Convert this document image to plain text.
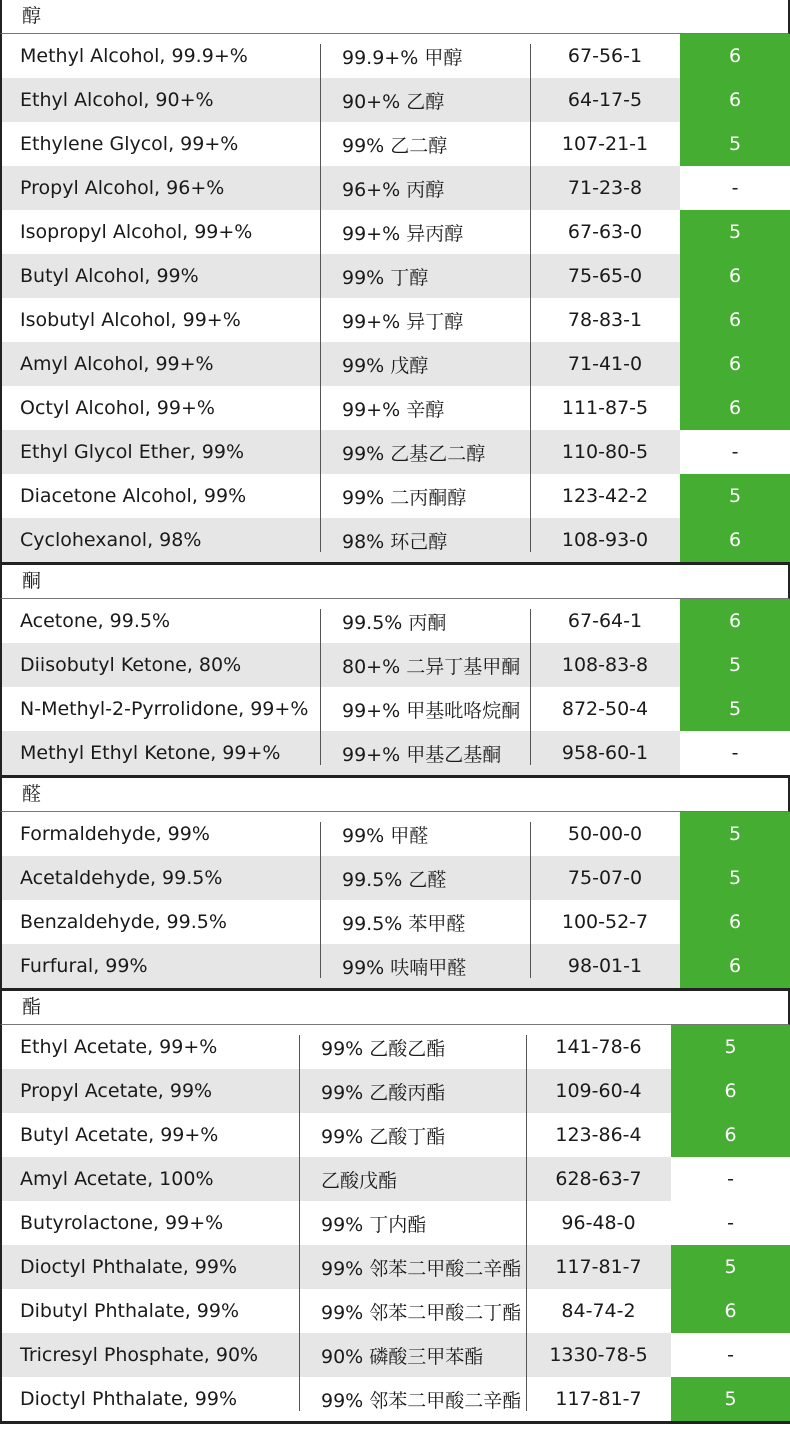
醇
Methyl Alcohol, 99.9+%	99.9+% 甲醇	67-56-1	6
Ethyl Alcohol, 90+%	90+% 乙醇	64-17-5	6
Ethylene Glycol, 99+%	99% 乙二醇	107-21-1	5
Propyl Alcohol, 96+%	96+% 丙醇	71-23-8	-
Isopropyl Alcohol, 99+%	99+% 异丙醇	67-63-0	5
Butyl Alcohol, 99%	99% 丁醇	75-65-0	6
Isobutyl Alcohol, 99+%	99+% 异丁醇	78-83-1	6
Amyl Alcohol, 99+%	99% 戊醇	71-41-0	6
Octyl Alcohol, 99+%	99+% 辛醇	111-87-5	6
Ethyl Glycol Ether, 99%	99% 乙基乙二醇	110-80-5	-
Diacetone Alcohol, 99%	99% 二丙酮醇	123-42-2	5
Cyclohexanol, 98%	98% 环己醇	108-93-0	6
酮
Acetone, 99.5%	99.5% 丙酮	67-64-1	6
Diisobutyl Ketone, 80%	80+% 二异丁基甲酮	108-83-8	5
N-Methyl-2-Pyrrolidone, 99+%	99+% 甲基吡咯烷酮	872-50-4	5
Methyl Ethyl Ketone, 99+%	99+% 甲基乙基酮	958-60-1	-
醛
Formaldehyde, 99%	99% 甲醛	50-00-0	5
Acetaldehyde, 99.5%	99.5% 乙醛	75-07-0	5
Benzaldehyde, 99.5%	99.5% 苯甲醛	100-52-7	6
Furfural, 99%	99% 呋喃甲醛	98-01-1	6
酯
Ethyl Acetate, 99+%	99% 乙酸乙酯	141-78-6	5
Propyl Acetate, 99%	99% 乙酸丙酯	109-60-4	6
Butyl Acetate, 99+%	99% 乙酸丁酯	123-86-4	6
Amyl Acetate, 100%	乙酸戊酯	628-63-7	-
Butyrolactone, 99+%	99% 丁内酯	96-48-0	-
Dioctyl Phthalate, 99%	99% 邻苯二甲酸二辛酯	117-81-7	5
Dibutyl Phthalate, 99%	99% 邻苯二甲酸二丁酯	84-74-2	6
Tricresyl Phosphate, 90%	90% 磷酸三甲苯酯	1330-78-5	-
Dioctyl Phthalate, 99%	99% 邻苯二甲酸二辛酯	117-81-7	5
